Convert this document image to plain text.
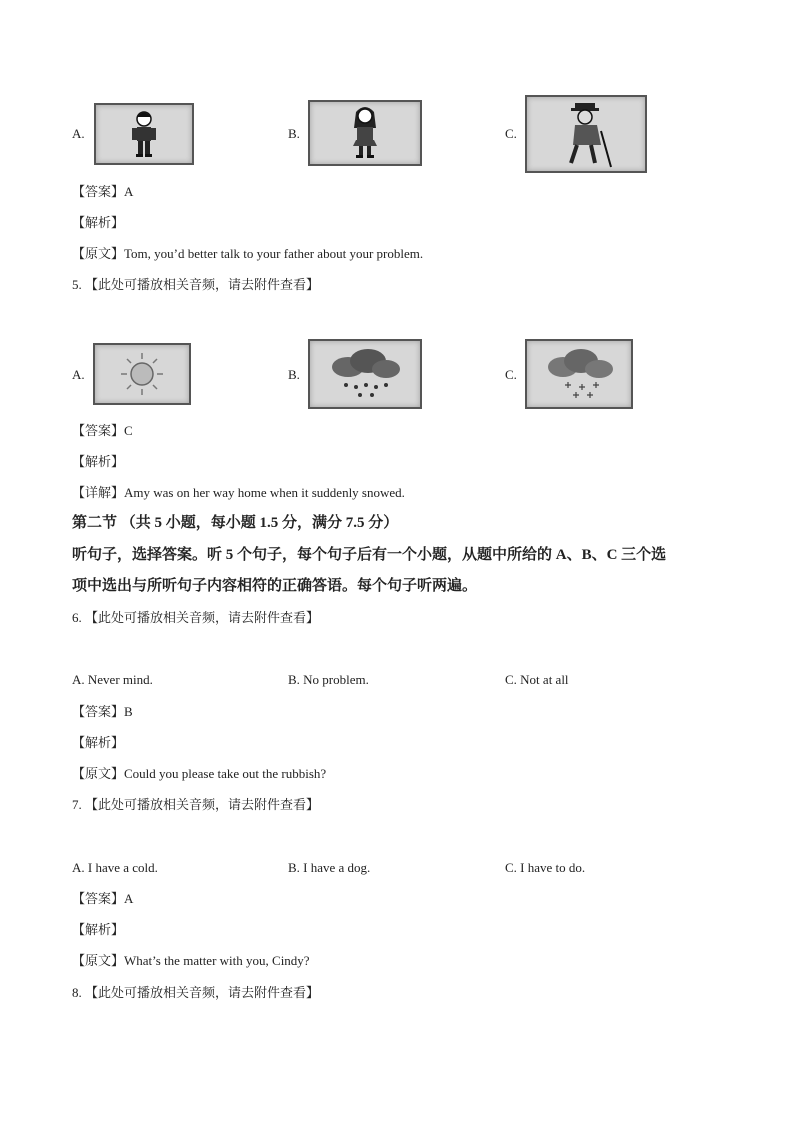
A.	B.	C.
【答案】A
【解析】
【原文】Tom, you’d better talk to your father about your problem.
5. 【此处可播放相关音频，请去附件查看】
A.	B.	C.
【答案】C
【解析】
【详解】Amy was on her way home when it suddenly snowed.
第二节 （共 5 小题，每小题 1.5 分，满分 7.5 分）
听句子，选择答案。听 5 个句子，每个句子后有一个小题，从题中所给的 A、B、C 三个选
项中选出与所听句子内容相符的正确答语。每个句子听两遍。
6. 【此处可播放相关音频，请去附件查看】
A. Never mind.	B. No problem.	C. Not at all
【答案】B
【解析】
【原文】Could you please take out the rubbish?
7. 【此处可播放相关音频，请去附件查看】
A. I have a cold.	B. I have a dog.	C. I have to do.
【答案】A
【解析】
【原文】What’s the matter with you, Cindy?
8. 【此处可播放相关音频，请去附件查看】
